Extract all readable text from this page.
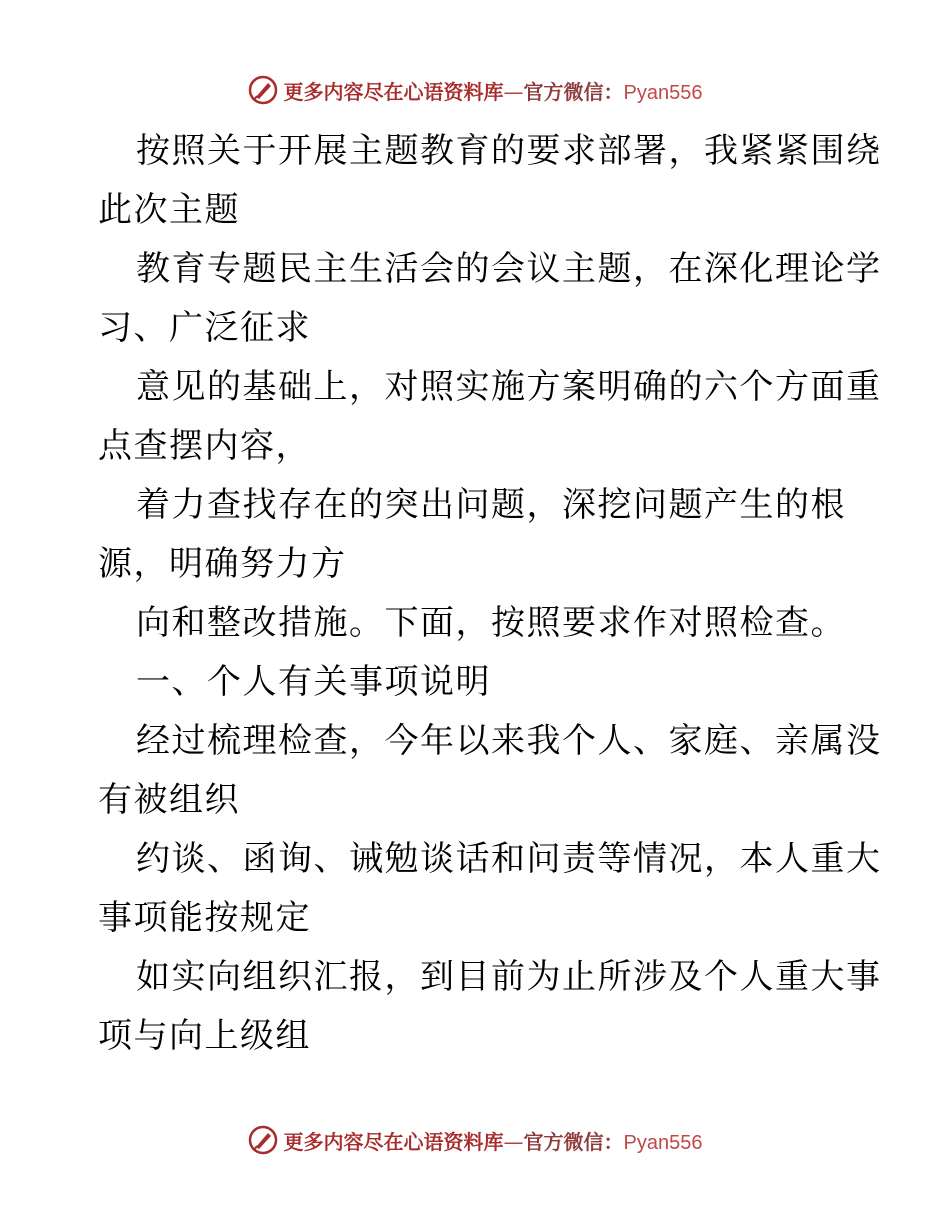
更多内容尽在心语资料库—官方微信：Pyan556
按照关于开展主题教育的要求部署，我紧紧围绕
此次主题
教育专题民主生活会的会议主题，在深化理论学
习、广泛征求
意见的基础上，对照实施方案明确的六个方面重
点查摆内容，
着力查找存在的突出问题，深挖问题产生的根
源，明确努力方
向和整改措施。下面，按照要求作对照检查。
一、个人有关事项说明
经过梳理检查，今年以来我个人、家庭、亲属没
有被组织
约谈、函询、诫勉谈话和问责等情况，本人重大
事项能按规定
如实向组织汇报，到目前为止所涉及个人重大事
项与向上级组
更多内容尽在心语资料库—官方微信：Pyan556
